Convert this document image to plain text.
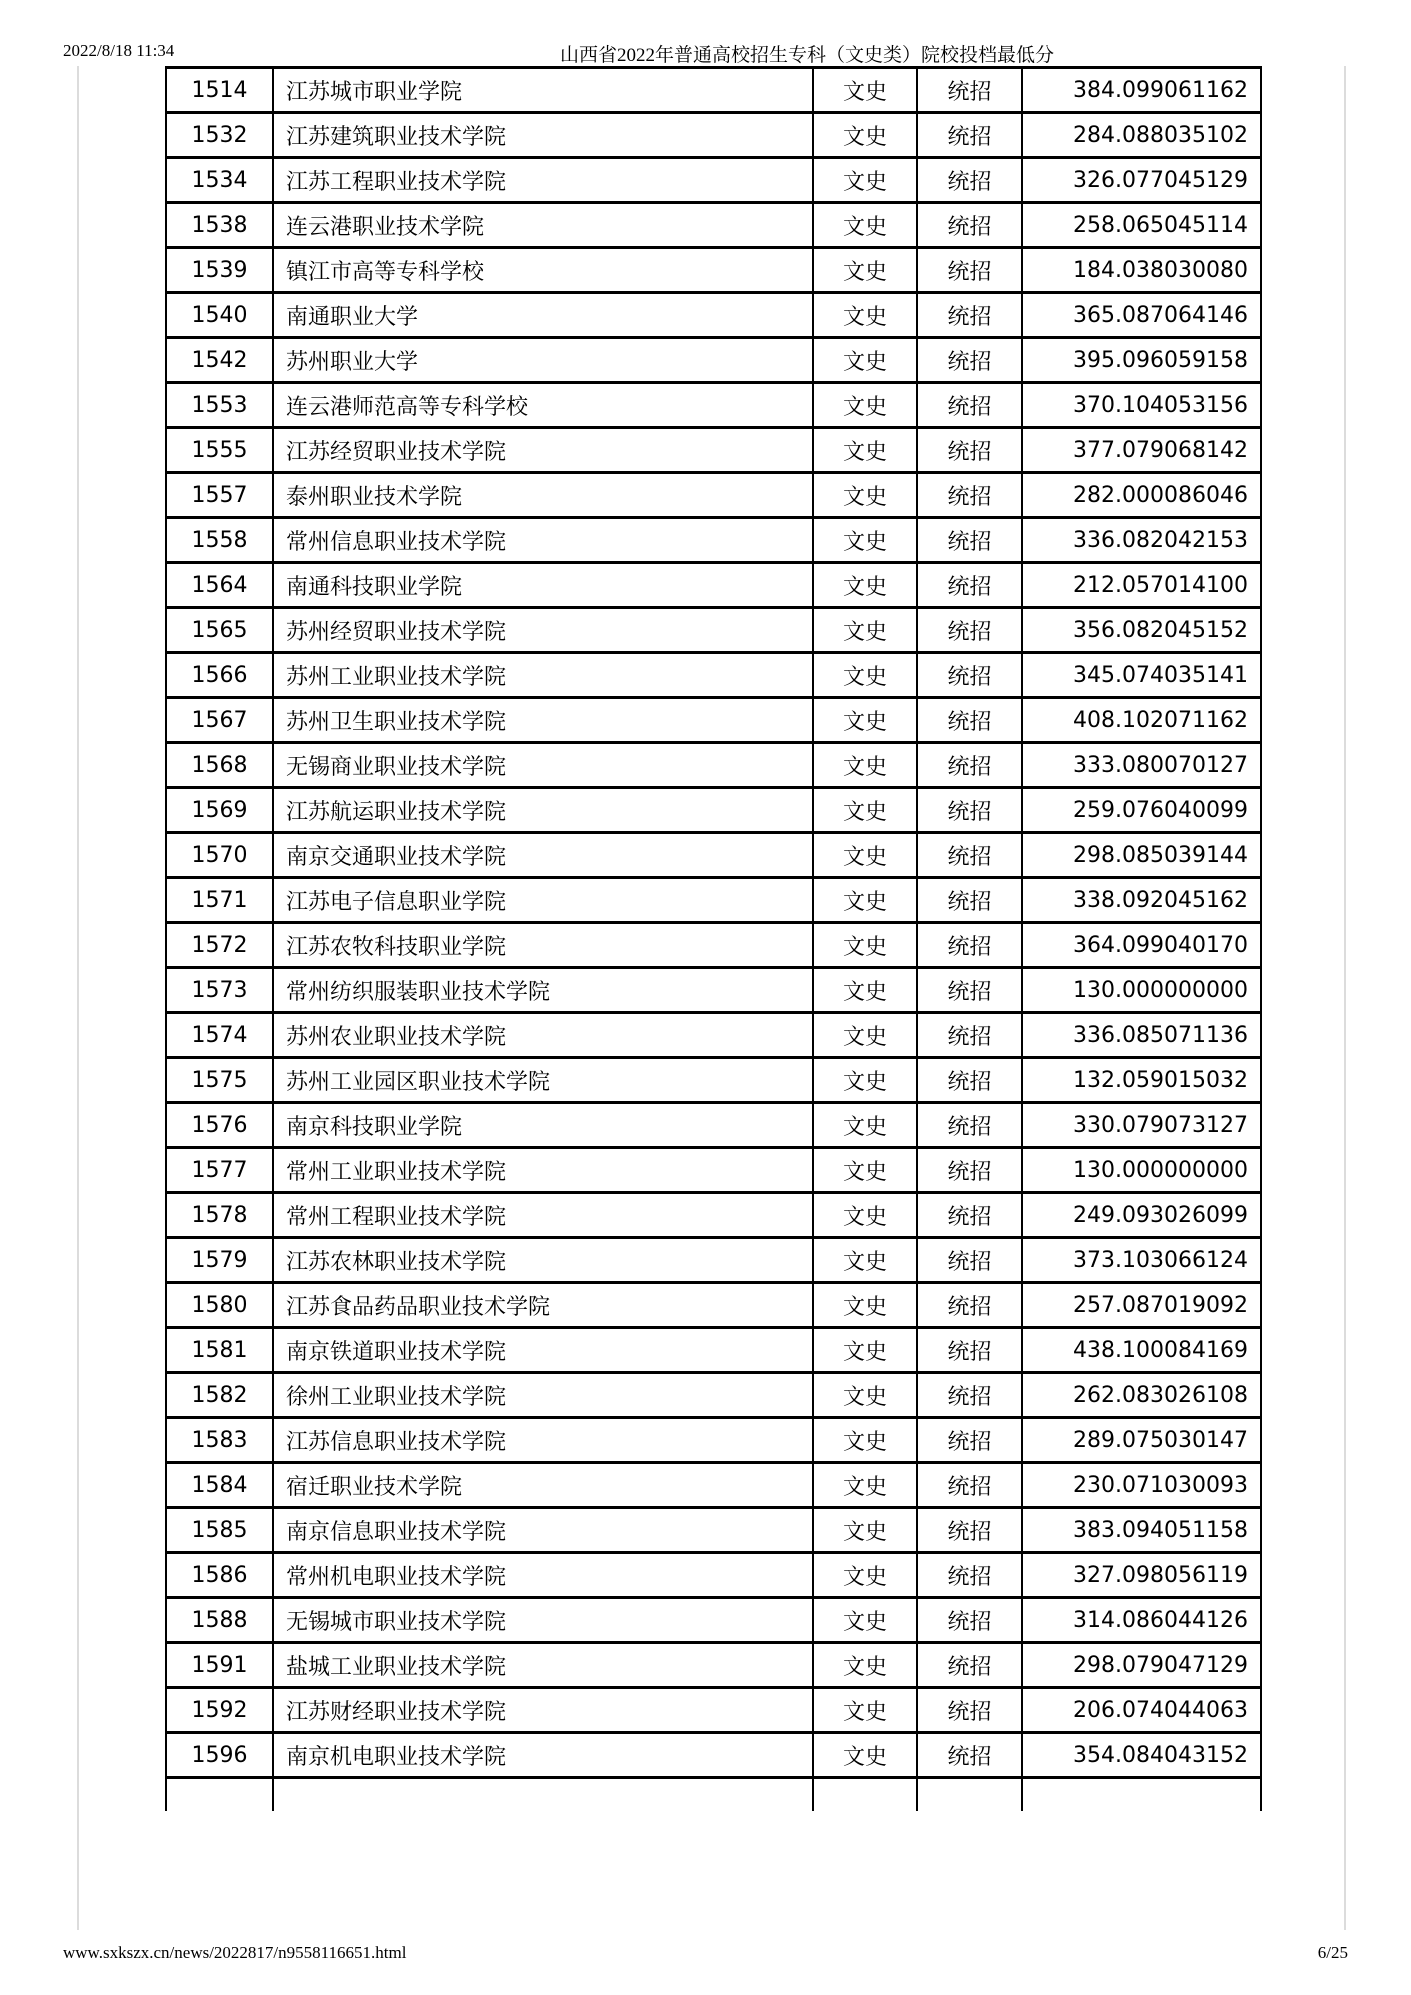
2022/8/18 11:34	山西省2022年普通高校招生专科（文史类）院校投档最低分
1514	江苏城市职业学院	文史	统招	384.099061162
1532	江苏建筑职业技术学院	文史	统招	284.088035102
1534	江苏工程职业技术学院	文史	统招	326.077045129
1538	连云港职业技术学院	文史	统招	258.065045114
1539	镇江市高等专科学校	文史	统招	184.038030080
1540	南通职业大学	文史	统招	365.087064146
1542	苏州职业大学	文史	统招	395.096059158
1553	连云港师范高等专科学校	文史	统招	370.104053156
1555	江苏经贸职业技术学院	文史	统招	377.079068142
1557	泰州职业技术学院	文史	统招	282.000086046
1558	常州信息职业技术学院	文史	统招	336.082042153
1564	南通科技职业学院	文史	统招	212.057014100
1565	苏州经贸职业技术学院	文史	统招	356.082045152
1566	苏州工业职业技术学院	文史	统招	345.074035141
1567	苏州卫生职业技术学院	文史	统招	408.102071162
1568	无锡商业职业技术学院	文史	统招	333.080070127
1569	江苏航运职业技术学院	文史	统招	259.076040099
1570	南京交通职业技术学院	文史	统招	298.085039144
1571	江苏电子信息职业学院	文史	统招	338.092045162
1572	江苏农牧科技职业学院	文史	统招	364.099040170
1573	常州纺织服装职业技术学院	文史	统招	130.000000000
1574	苏州农业职业技术学院	文史	统招	336.085071136
1575	苏州工业园区职业技术学院	文史	统招	132.059015032
1576	南京科技职业学院	文史	统招	330.079073127
1577	常州工业职业技术学院	文史	统招	130.000000000
1578	常州工程职业技术学院	文史	统招	249.093026099
1579	江苏农林职业技术学院	文史	统招	373.103066124
1580	江苏食品药品职业技术学院	文史	统招	257.087019092
1581	南京铁道职业技术学院	文史	统招	438.100084169
1582	徐州工业职业技术学院	文史	统招	262.083026108
1583	江苏信息职业技术学院	文史	统招	289.075030147
1584	宿迁职业技术学院	文史	统招	230.071030093
1585	南京信息职业技术学院	文史	统招	383.094051158
1586	常州机电职业技术学院	文史	统招	327.098056119
1588	无锡城市职业技术学院	文史	统招	314.086044126
1591	盐城工业职业技术学院	文史	统招	298.079047129
1592	江苏财经职业技术学院	文史	统招	206.074044063
1596	南京机电职业技术学院	文史	统招	354.084043152

www.sxkszx.cn/news/2022817/n9558116651.html	6/25
